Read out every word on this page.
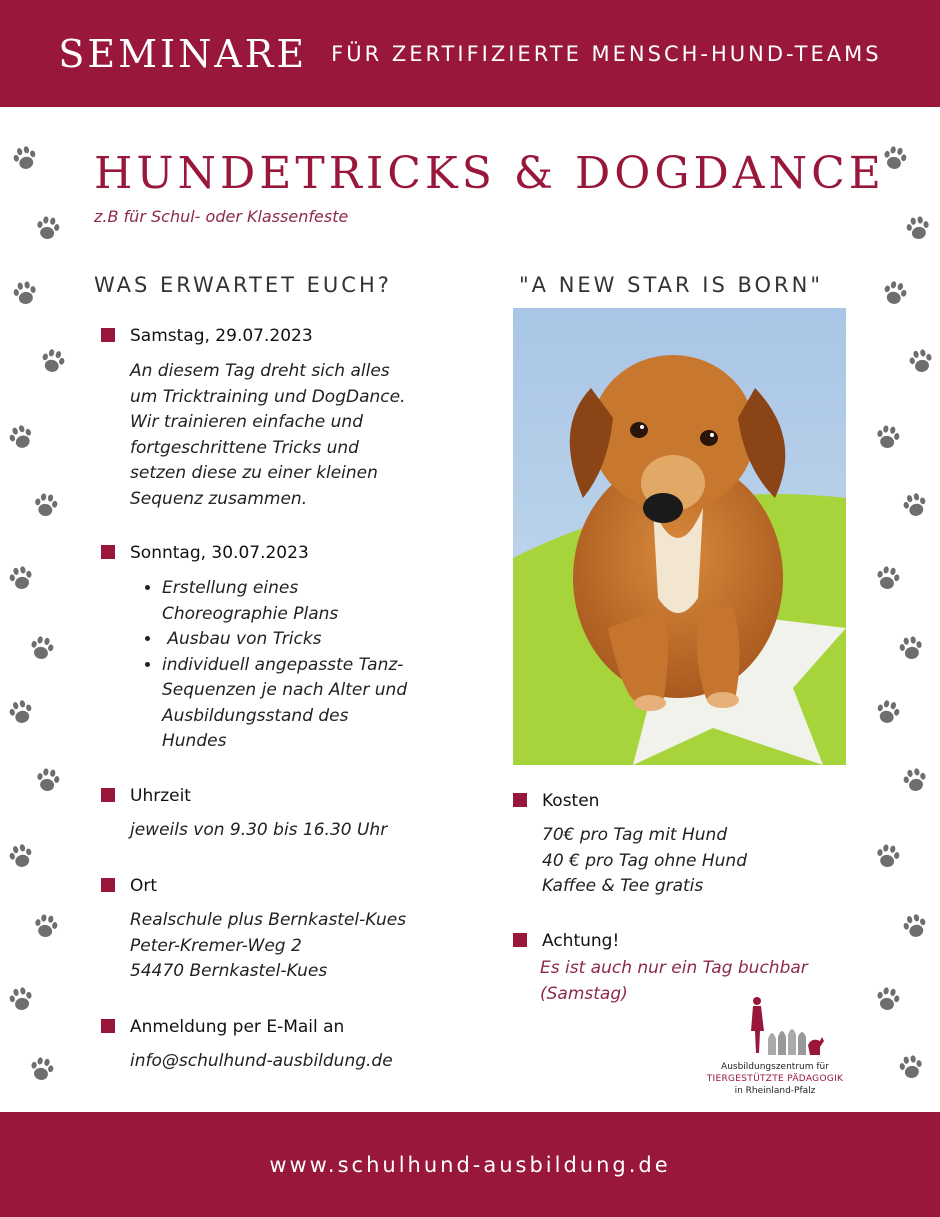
SEMINARE FÜR ZERTIFIZIERTE MENSCH-HUND-TEAMS
HUNDETRICKS & DOGDANCE
z.B für Schul- oder Klassenfeste
WAS ERWARTET EUCH?	"A NEW STAR IS BORN"
Samstag, 29.07.2023
An diesem Tag dreht sich alles
um Tricktraining und DogDance.
Wir trainieren einfache und
fortgeschrittene Tricks und
setzen diese zu einer kleinen
Sequenz zusammen.
Sonntag, 30.07.2023
• Erstellung eines
Choreographie Plans
•  Ausbau von Tricks
• individuell angepasste Tanz-
Sequenzen je nach Alter und
Ausbildungsstand des
Hundes
Uhrzeit
jeweils von 9.30 bis 16.30 Uhr
Ort
Realschule plus Bernkastel-Kues
Peter-Kremer-Weg 2
54470 Bernkastel-Kues
Anmeldung per E-Mail an
info@schulhund-ausbildung.de
Kosten
70€ pro Tag mit Hund
40 € pro Tag ohne Hund
Kaffee & Tee gratis
Achtung!
Es ist auch nur ein Tag buchbar
(Samstag)
Ausbildungszentrum für
TIERGESTÜTZTE PÄDAGOGIK
in Rheinland-Pfalz
www.schulhund-ausbildung.de
